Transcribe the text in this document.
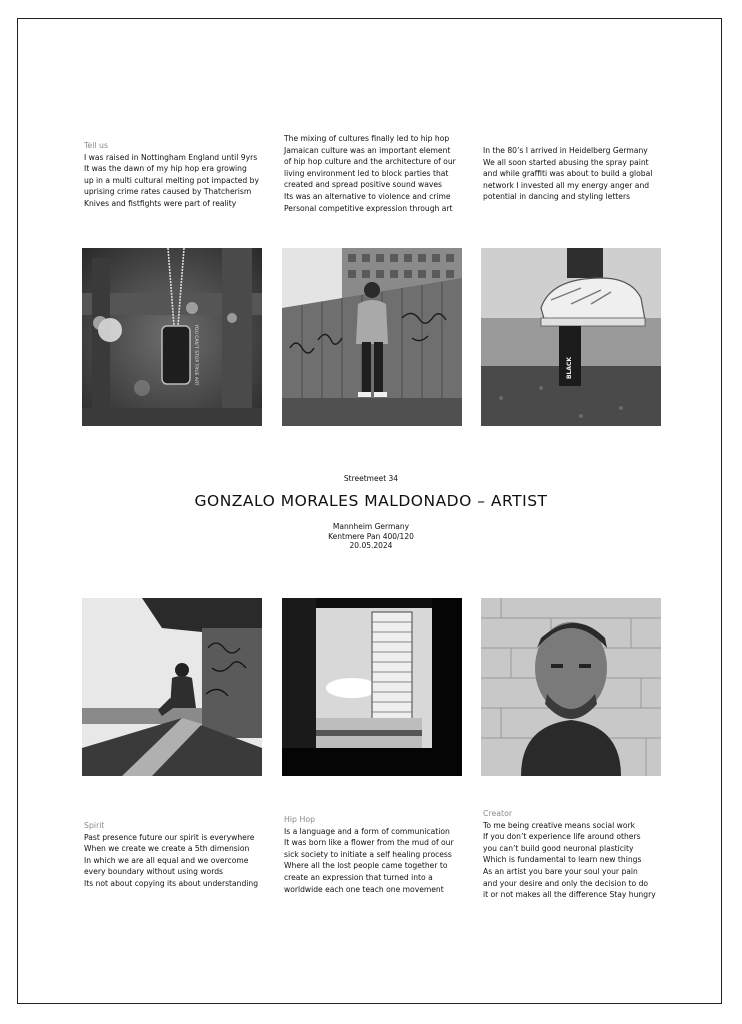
Tell us
I was raised in Nottingham England until 9yrs
It was the dawn of my hip hop era growing
up in a multi cultural melting pot impacted by
uprising crime rates caused by Thatcherism
Knives and fistfights were part of reality
The mixing of cultures finally led to hip hop
Jamaican culture was an important element
of hip hop culture and the architecture of our
living environment led to block parties that
created and spread positive sound waves
Its was an alternative to violence and crime
Personal competitive expression through art
In the 80’s I arrived in Heidelberg Germany
We all soon started abusing the spray paint
and while graffiti was about to build a global
network I invested all my energy anger and
potential in dancing and styling letters
YOU CAN'T STOP TRUE ART	BLACK
Streetmeet 34
GONZALO MORALES MALDONADO – ARTIST
Mannheim Germany
Kentmere Pan 400/120
20.05.2024
Spirit
Past presence future our spirit is everywhere
When we create we create a 5th dimension
In which we are all equal and we overcome
every boundary without using words
Its not about copying its about understanding
Hip Hop
Is a language and a form of communication
It was born like a flower from the mud of our
sick society to initiate a self healing process
Where all the lost people came together to
create an expression that turned into a
worldwide each one teach one movement
Creator
To me being creative means social work
If you don’t experience life around others
you can’t build good neuronal plasticity
Which is fundamental to learn new things
As an artist you bare your soul your pain
and your desire and only the decision to do
it or not makes all the difference Stay hungry
